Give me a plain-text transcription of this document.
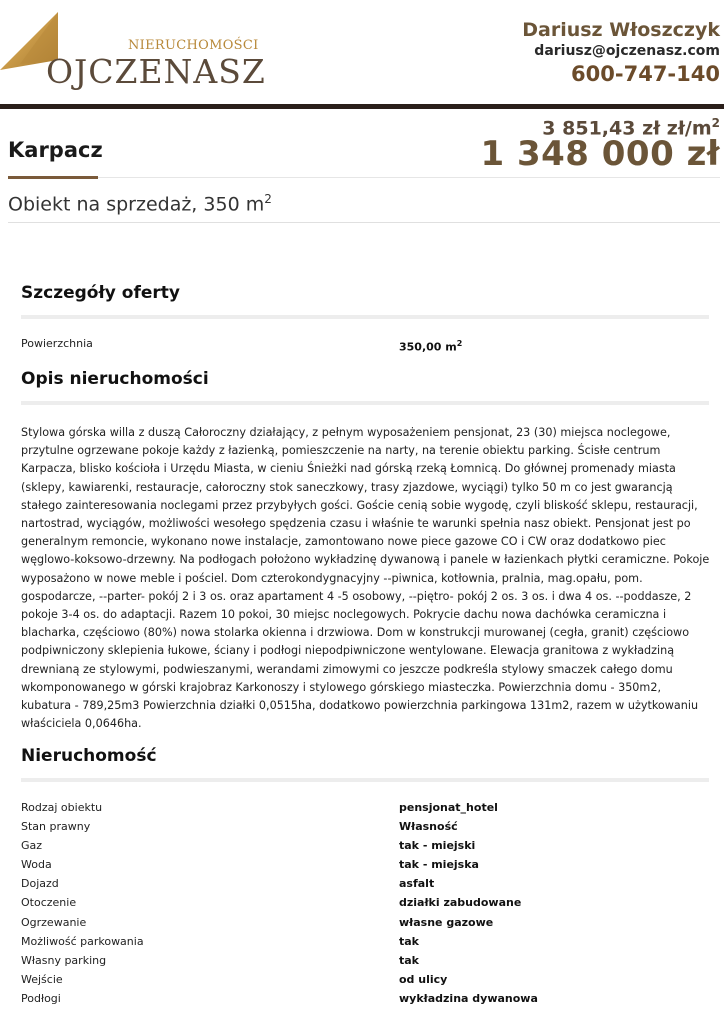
NIERUCHOMOŚCI
OJCZENASZ
Dariusz Włoszczyk
dariusz@ojczenasz.com
600-747-140
Karpacz
3 851,43 zł $zł/m^2$
1 348 000 zł
Obiekt na sprzedaż, 350 $m^2$
Szczegóły oferty
Powierzchnia	350,00 $m^2$
Opis nieruchomości
Stylowa górska willa z duszą Całoroczny działający, z pełnym wyposażeniem pensjonat, 23 (30) miejsca noclegowe, przytulne ogrzewane pokoje każdy z łazienką, pomieszczenie na narty, na terenie obiektu parking. Ścisłe centrum Karpacza, blisko kościoła i Urzędu Miasta, w cieniu Śnieżki nad górską rzeką Łomnicą. Do głównej promenady miasta (sklepy, kawiarenki, restauracje, całoroczny stok saneczkowy, trasy zjazdowe, wyciągi) tylko 50 m co jest gwarancją stałego zainteresowania noclegami przez przybyłych gości. Goście cenią sobie wygodę, czyli bliskość sklepu, restauracji, nartostrad, wyciągów, możliwości wesołego spędzenia czasu i właśnie te warunki spełnia nasz obiekt. Pensjonat jest po generalnym remoncie, wykonano nowe instalacje, zamontowano nowe piece gazowe CO i CW oraz dodatkowo piec węglowo-koksowo-drzewny. Na podłogach położono wykładzinę dywanową i panele w łazienkach płytki ceramiczne. Pokoje wyposażono w nowe meble i pościel. Dom czterokondygnacyjny --piwnica, kotłownia, pralnia, mag.opału, pom. gospodarcze, --parter- pokój 2 i 3 os. oraz apartament 4 -5 osobowy, --piętro- pokój 2 os. 3 os. i dwa 4 os. --poddasze, 2 pokoje 3-4 os. do adaptacji. Razem 10 pokoi, 30 miejsc noclegowych. Pokrycie dachu nowa dachówka ceramiczna i blacharka, częściowo (80%) nowa stolarka okienna i drzwiowa. Dom w konstrukcji murowanej (cegła, granit) częściowo podpiwniczony sklepienia łukowe, ściany i podłogi niepodpiwniczone wentylowane. Elewacja granitowa z wykładziną drewnianą ze stylowymi, podwieszanymi, werandami zimowymi co jeszcze podkreśla stylowy smaczek całego domu wkomponowanego w górski krajobraz Karkonoszy i stylowego górskiego miasteczka. Powierzchnia domu - 350m2, kubatura - 789,25m3 Powierzchnia działki 0,0515ha, dodatkowo powierzchnia parkingowa 131m2, razem w użytkowaniu właściciela 0,0646ha.
Nieruchomość
Rodzaj obiektu	pensjonat_hotel
Stan prawny	Własność
Gaz	tak - miejski
Woda	tak - miejska
Dojazd	asfalt
Otoczenie	działki zabudowane
Ogrzewanie	własne gazowe
Możliwość parkowania	tak
Własny parking	tak
Wejście	od ulicy
Podłogi	wykładzina dywanowa
